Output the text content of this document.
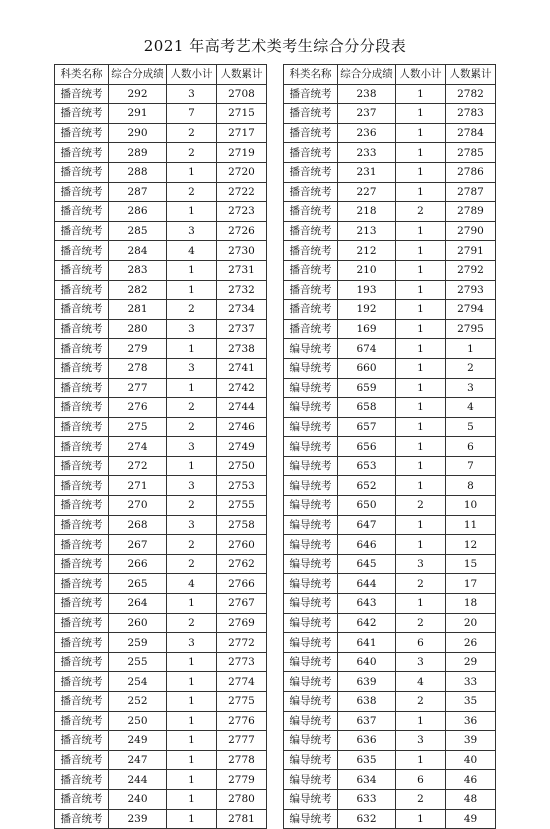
2021 年高考艺术类考生综合分分段表
科类名称	综合分成绩	人数小计	人数累计
播音统考	292	3	2708
播音统考	291	7	2715
播音统考	290	2	2717
播音统考	289	2	2719
播音统考	288	1	2720
播音统考	287	2	2722
播音统考	286	1	2723
播音统考	285	3	2726
播音统考	284	4	2730
播音统考	283	1	2731
播音统考	282	1	2732
播音统考	281	2	2734
播音统考	280	3	2737
播音统考	279	1	2738
播音统考	278	3	2741
播音统考	277	1	2742
播音统考	276	2	2744
播音统考	275	2	2746
播音统考	274	3	2749
播音统考	272	1	2750
播音统考	271	3	2753
播音统考	270	2	2755
播音统考	268	3	2758
播音统考	267	2	2760
播音统考	266	2	2762
播音统考	265	4	2766
播音统考	264	1	2767
播音统考	260	2	2769
播音统考	259	3	2772
播音统考	255	1	2773
播音统考	254	1	2774
播音统考	252	1	2775
播音统考	250	1	2776
播音统考	249	1	2777
播音统考	247	1	2778
播音统考	244	1	2779
播音统考	240	1	2780
播音统考	239	1	2781
科类名称	综合分成绩	人数小计	人数累计
播音统考	238	1	2782
播音统考	237	1	2783
播音统考	236	1	2784
播音统考	233	1	2785
播音统考	231	1	2786
播音统考	227	1	2787
播音统考	218	2	2789
播音统考	213	1	2790
播音统考	212	1	2791
播音统考	210	1	2792
播音统考	193	1	2793
播音统考	192	1	2794
播音统考	169	1	2795
编导统考	674	1	1
编导统考	660	1	2
编导统考	659	1	3
编导统考	658	1	4
编导统考	657	1	5
编导统考	656	1	6
编导统考	653	1	7
编导统考	652	1	8
编导统考	650	2	10
编导统考	647	1	11
编导统考	646	1	12
编导统考	645	3	15
编导统考	644	2	17
编导统考	643	1	18
编导统考	642	2	20
编导统考	641	6	26
编导统考	640	3	29
编导统考	639	4	33
编导统考	638	2	35
编导统考	637	1	36
编导统考	636	3	39
编导统考	635	1	40
编导统考	634	6	46
编导统考	633	2	48
编导统考	632	1	49
